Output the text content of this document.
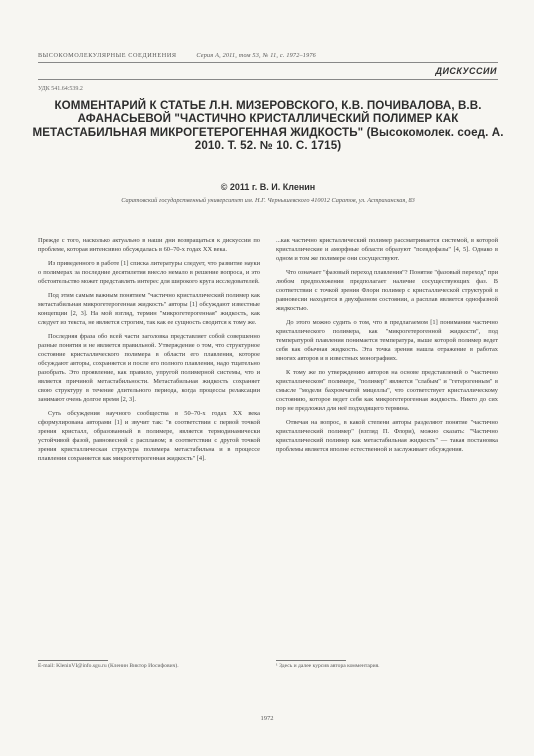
ВЫСОКОМОЛЕКУЛЯРНЫЕ СОЕДИНЕНИЯ	Серия А, 2011, том 53, № 11, с. 1972–1976
ДИСКУССИИ
УДК 541.64:539.2
КОММЕНТАРИЙ К СТАТЬЕ Л.Н. МИЗЕРОВСКОГО, К.В. ПОЧИВАЛОВА, В.В. АФАНАСЬЕВОЙ "ЧАСТИЧНО КРИСТАЛЛИЧЕСКИЙ ПОЛИМЕР КАК МЕТАСТАБИЛЬНАЯ МИКРОГЕТЕРОГЕННАЯ ЖИДКОСТЬ" (Высокомолек. соед. А. 2010. Т. 52. № 10. С. 1715)
© 2011 г. В. И. Кленин
Саратовский государственный университет им. Н.Г. Чернышевского 410012 Саратов, ул. Астраханская, 83

Прежде с того, насколько актуально в наши дни возвращаться к дискуссии по проблеме, которая интенсивно обсуждалась в 60–70-х годах ХХ века.

Из приведенного в работе [1] списка литературы следует, что развитие науки о полимерах за последние десятилетия внесло немало в решение вопроса, и это обстоятельство может представлять интерес для широкого круга исследователей.

Под этим самым важным понятием "частично кристаллический полимер как метастабильная микрогетерогенная жидкость" авторы [1] обсуждают известные концепции [2, 3]. На мой взгляд, термин "микрогетерогенная" жидкость, как следует из текста, не является строгим, так как ее сущность сводится к тому же.

Последняя фраза обо всей части заголовка представляет собой совершенно разные понятия и не является правильной. Утверждение о том, что структурное состояние кристаллического полимера в области его плавления, которое обсуждают авторы, сохраняется и после его полного плавления, надо тщательно разобрать. Это проявление, как правило, упругой полимерной системы, что и является причиной метастабильности. Метастабильная жидкость сохраняет свою структуру в течение длительного периода, когда процессы релаксации занимают очень долгое время [2, 3].

Суть обсуждения научного сообщества в 50–70-х годах ХХ века сформулирована авторами [1] и звучит так: "в соответствии с первой точкой зрения кристалл, образованный в полимере, является термодинамически устойчивой фазой, равновесной с расплавом; в соответствии с другой точкой зрения кристаллическая структура полимера метастабильна и в процессе плавления сохраняется как микрогетерогенная жидкость" [4].

...как частично кристаллический полимер рассматривается системой, в которой кристаллические и аморфные области образуют "псевдофазы" [4, 5]. Однако в одном и том же полимере они сосуществуют.

Что означает "фазовый переход плавления"? Понятие "фазовый переход" при любом предположении предполагает наличие сосуществующих фаз. В соответствии с точкой зрения Флори полимер с кристаллической структурой в равновесии находится в двухфазном состоянии, а расплав является однофазной жидкостью.

До этого можно судить о том, что в предлагаемом [1] понимании частично кристаллического полимера, как "микрогетерогенной жидкости", под температурой плавления понимается температура, выше которой полимер ведет себя как обычная жидкость. Эта точка зрения нашла отражение в работах многих авторов и в известных монографиях.

К тому же по утверждению авторов на основе представлений о "частично кристаллическом" полимере, "полимер" является "слабым" и "гетерогенным" в смысле "модели бахромчатой мицеллы", что соответствует кристаллическому состоянию, которое ведет себя как микрогетерогенная жидкость. Никто до сих пор не предложил для неё подходящего термина.

Отвечая на вопрос, в какой степени авторы разделяют понятие "частично кристаллический полимер" (взгляд П. Флори), можно сказать: "Частично кристаллический полимер как метастабильная жидкость" — такая постановка проблемы является вполне естественной и заслуживает обсуждения.

E-mail: KleninVI@info.sgu.ru (Кленин Виктор Иосифович).	¹ Здесь и далее курсив автора комментария.
1972
